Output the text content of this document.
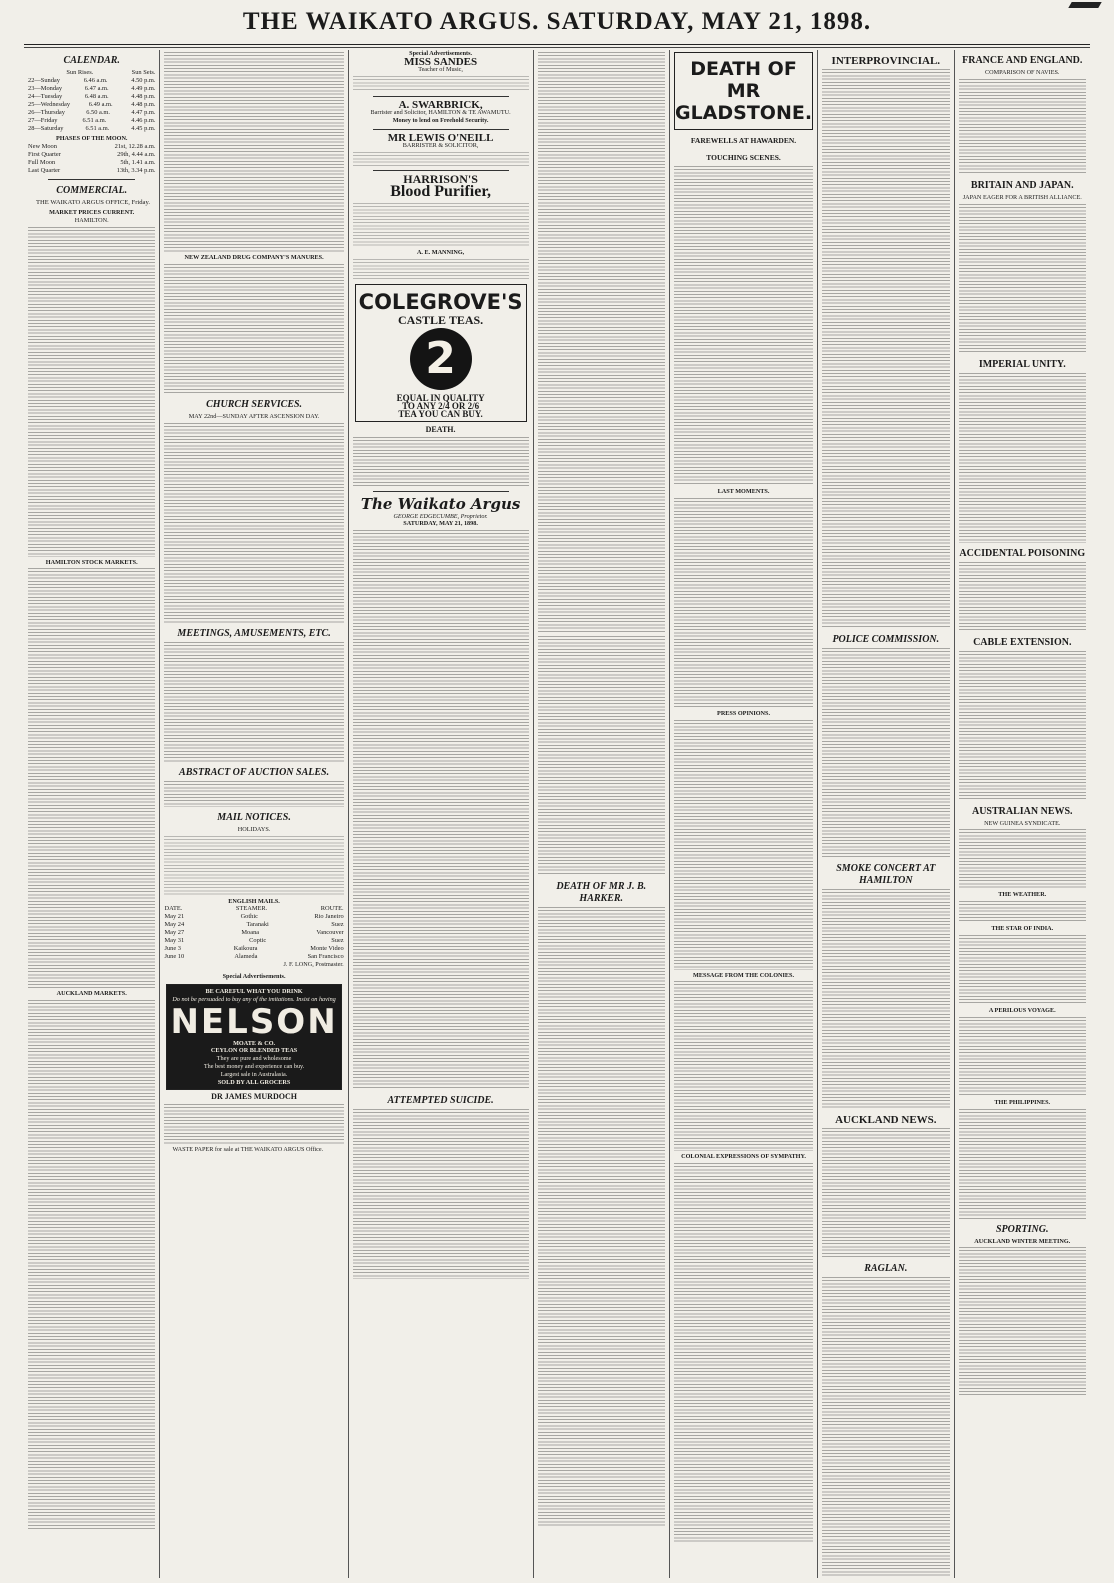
THE WAIKATO ARGUS. SATURDAY, MAY 21, 1898.
CALENDAR.
Sun Rises.	Sun Sets.
22—Sunday	6.46 a.m.	4.50 p.m.
23—Monday	6.47 a.m.	4.49 p.m.
24—Tuesday	6.48 a.m.	4.48 p.m.
25—Wednesday	6.49 a.m.	4.48 p.m.
26—Thursday	6.50 a.m.	4.47 p.m.
27—Friday	6.51 a.m.	4.46 p.m.
28—Saturday	6.51 a.m.	4.45 p.m.
PHASES OF THE MOON.
New Moon	21st, 12.28 a.m.
First Quarter	29th, 4.44 a.m.
Full Moon	5th, 1.41 a.m.
Last Quarter	13th, 3.34 p.m.
COMMERCIAL.
THE WAIKATO ARGUS OFFICE, Friday.
MARKET PRICES CURRENT.
HAMILTON.
HAMILTON STOCK MARKETS.
AUCKLAND MARKETS.
NEW ZEALAND DRUG COMPANY'S MANURES.
CHURCH SERVICES.
MAY 22nd—SUNDAY AFTER ASCENSION DAY.
MEETINGS, AMUSEMENTS, ETC.
ABSTRACT OF AUCTION SALES.
MAIL NOTICES.
HOLIDAYS.
ENGLISH MAILS.
DATE.	STEAMER.	ROUTE.
May 21	Gothic	Rio Janeiro
May 24	Taranaki	Suez
May 27	Moana	Vancouver
May 31	Coptic	Suez
June 3	Kaikoura	Monte Video
June 10	Alameda	San Francisco
J. F. LONG, Postmaster.
Special Advertisements.
BE CAREFUL WHAT YOU DRINK
Do not be persuaded to buy any of the imitations. Insist on having
NELSON
MOATE & CO.
CEYLON OR BLENDED TEAS
They are pure and wholesome
The best money and experience can buy.
Largest sale in Australasia.
SOLD BY ALL GROCERS
DR JAMES MURDOCH
WASTE PAPER for sale at THE WAIKATO ARGUS Office.
Special Advertisements.
MISS SANDES
Teacher of Music,
A. SWARBRICK,
Barrister and Solicitor, HAMILTON & TE AWAMUTU.
Money to lend on Freehold Security.
MR LEWIS O'NEILL
BARRISTER & SOLICITOR,
HARRISON'S
Blood Purifier,
A. E. MANNING,
COLEGROVE'S
CASTLE TEAS.
2
EQUAL IN QUALITY
TO ANY 2/4 OR 2/6
TEA YOU CAN BUY.
DEATH.
The Waikato Argus
GEORGE EDGECUMBE, Proprietor.
SATURDAY, MAY 21, 1898.
ATTEMPTED SUICIDE.
DEATH OF MR J. B. HARKER.
DEATH OF MR GLADSTONE.
FAREWELLS AT HAWARDEN.
TOUCHING SCENES.
LAST MOMENTS.
PRESS OPINIONS.
MESSAGE FROM THE COLONIES.
COLONIAL EXPRESSIONS OF SYMPATHY.
INTERPROVINCIAL.
POLICE COMMISSION.
SMOKE CONCERT AT HAMILTON
AUCKLAND NEWS.
RAGLAN.
FRANCE AND ENGLAND.
COMPARISON OF NAVIES.
BRITAIN AND JAPAN.
JAPAN EAGER FOR A BRITISH ALLIANCE.
IMPERIAL UNITY.
ACCIDENTAL POISONING
CABLE EXTENSION.
AUSTRALIAN NEWS.
NEW GUINEA SYNDICATE.
THE WEATHER.
THE STAR OF INDIA.
A PERILOUS VOYAGE.
THE PHILIPPINES.
SPORTING.
AUCKLAND WINTER MEETING.
